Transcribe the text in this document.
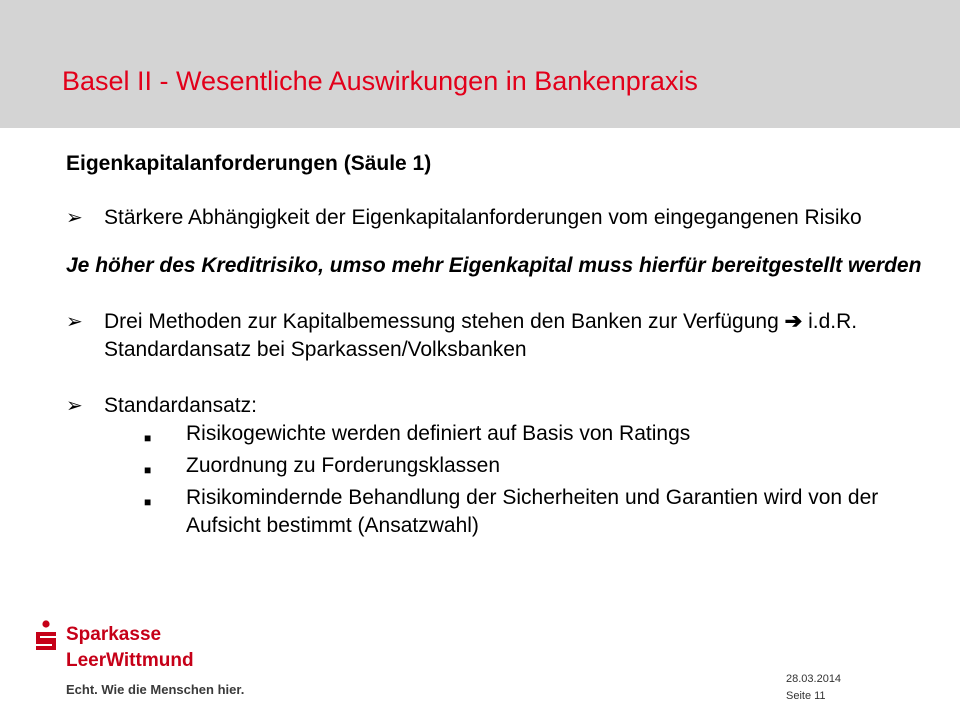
Basel II - Wesentliche Auswirkungen in Bankenpraxis
Eigenkapitalanforderungen (Säule 1)
➢	Stärkere Abhängigkeit der Eigenkapitalanforderungen vom eingegangenen Risiko
Je höher des Kreditrisiko, umso mehr Eigenkapital muss hierfür bereitgestellt werden
➢	Drei Methoden zur Kapitalbemessung stehen den Banken zur Verfügung ➔ i.d.R. Standardansatz bei Sparkassen/Volksbanken
➢	Standardansatz:
■	Risikogewichte werden definiert auf Basis von Ratings
■	Zuordnung zu Forderungsklassen
■	Risikomindernde Behandlung der Sicherheiten und Garantien wird von der Aufsicht bestimmt (Ansatzwahl)
Sparkasse
LeerWittmund
Echt. Wie die Menschen hier.
28.03.2014
Seite 11
